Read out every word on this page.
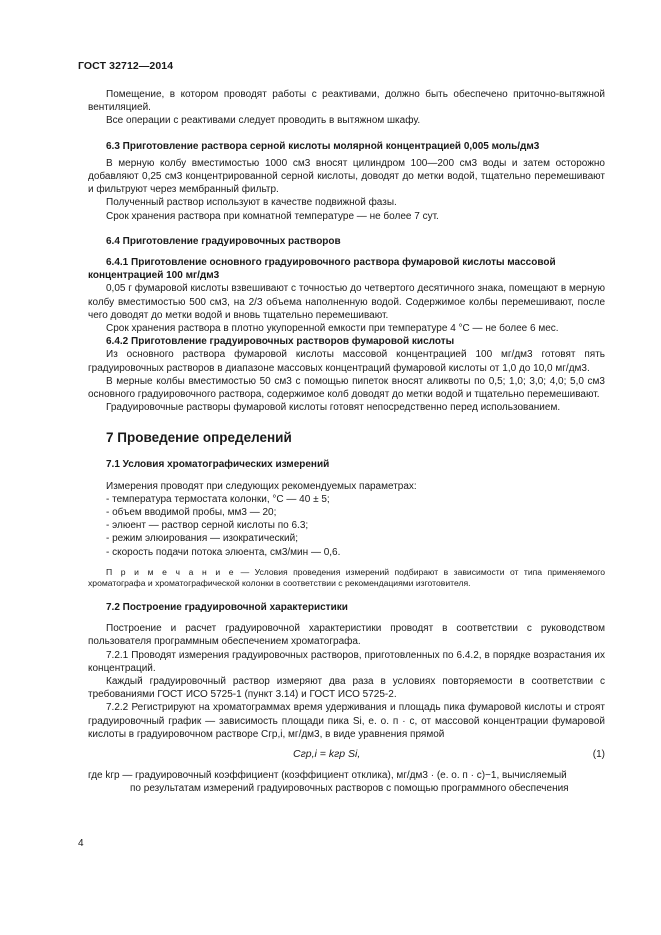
ГОСТ 32712—2014

Помещение, в котором проводят работы с реактивами, должно быть обеспечено приточно-вытяжной вентиляцией.

Все операции с реактивами следует проводить в вытяжном шкафу.

6.3 Приготовление раствора серной кислоты молярной концентрацией 0,005 моль/дм3

В мерную колбу вместимостью 1000 см3 вносят цилиндром 100—200 см3 воды и затем осторожно добавляют 0,25 см3 концентрированной серной кислоты, доводят до метки водой, тщательно перемешивают и фильтруют через мембранный фильтр.

Полученный раствор используют в качестве подвижной фазы.

Срок хранения раствора при комнатной температуре — не более 7 сут.

6.4 Приготовление градуировочных растворов

6.4.1 Приготовление основного градуировочного раствора фумаровой кислоты массовой концентрацией 100 мг/дм3

0,05 г фумаровой кислоты взвешивают с точностью до четвертого десятичного знака, помещают в мерную колбу вместимостью 500 см3, на 2/3 объема наполненную водой. Содержимое колбы перемешивают, после чего доводят до метки водой и вновь тщательно перемешивают.

Срок хранения раствора в плотно укупоренной емкости при температуре 4 °С — не более 6 мес.

6.4.2 Приготовление градуировочных растворов фумаровой кислоты

Из основного раствора фумаровой кислоты массовой концентрацией 100 мг/дм3 готовят пять градуировочных растворов в диапазоне массовых концентраций фумаровой кислоты от 1,0 до 10,0 мг/дм3.

В мерные колбы вместимостью 50 см3 с помощью пипеток вносят аликвоты по 0,5; 1,0; 3,0; 4,0; 5,0 см3 основного градуировочного раствора, содержимое колб доводят до метки водой и тщательно перемешивают.

Градуировочные растворы фумаровой кислоты готовят непосредственно перед использованием.

7 Проведение определений

7.1 Условия хроматографических измерений

Измерения проводят при следующих рекомендуемых параметрах:

- температура термостата колонки, °С — 40 ± 5;

- объем вводимой пробы, мм3 — 20;

- элюент — раствор серной кислоты по 6.3;

- режим элюирования — изократический;

- скорость подачи потока элюента, см3/мин — 0,6.

П р и м е ч а н и е — Условия проведения измерений подбирают в зависимости от типа применяемого хроматографа и хроматографической колонки в соответствии с рекомендациями изготовителя.

7.2 Построение градуировочной характеристики

Построение и расчет градуировочной характеристики проводят в соответствии с руководством пользователя программным обеспечением хроматографа.

7.2.1 Проводят измерения градуировочных растворов, приготовленных по 6.4.2, в порядке возрастания их концентраций.

Каждый градуировочный раствор измеряют два раза в условиях повторяемости в соответствии с требованиями ГОСТ ИСО 5725-1 (пункт 3.14) и ГОСТ ИСО 5725-2.

7.2.2 Регистрируют на хроматограммах время удерживания и площадь пика фумаровой кислоты и строят градуировочный график — зависимость площади пика Si, е. о. п · с, от массовой концентрации фумаровой кислоты в градуировочном растворе Сгр,i, мг/дм3, в виде уравнения прямой

Сгр,i = kгр Si,	(1)

где kгр — градуировочный коэффициент (коэффициент отклика), мг/дм3 · (е. о. п · с)−1, вычисляемый
по результатам измерений градуировочных растворов с помощью программного обеспечения

4
